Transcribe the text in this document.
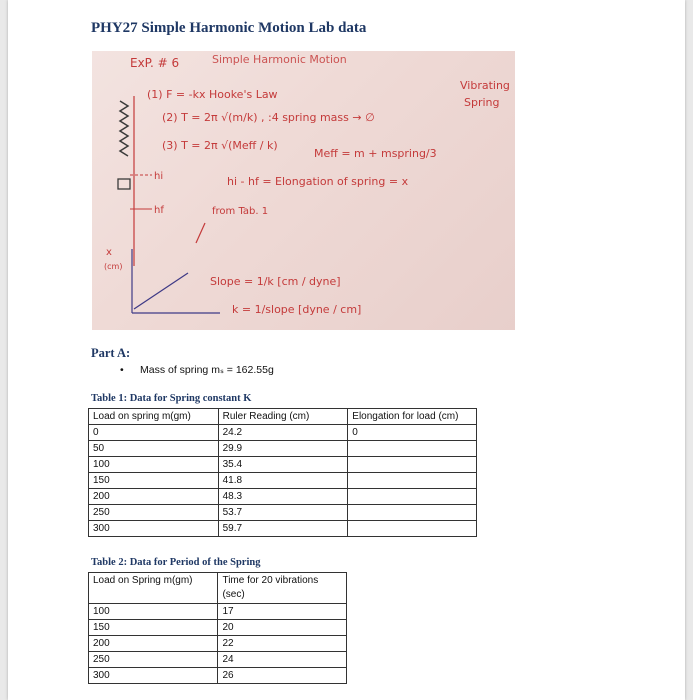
PHY27 Simple Harmonic Motion Lab data
ExP. # 6	Simple Harmonic Motion
Vibrating
Spring
(1) F = -kx Hooke's Law
(2) T = 2π √(m/k) , :4 spring mass → ∅
(3) T = 2π √(Meff / k)
Meff = m + mspring/3
hi
hf
hi - hf = Elongation of spring = x
from Tab. 1
x
(cm)
Slope = 1/k [cm / dyne]
k = 1/slope [dyne / cm]
Part A:
• Mass of spring mₛ = 162.55g
Table 1: Data for Spring constant K
Load on spring m(gm)	Ruler Reading (cm)	Elongation for load (cm)
0	24.2	0
50	29.9	
100	35.4	
150	41.8	
200	48.3	
250	53.7	
300	59.7	
Table 2: Data for Period of the Spring
Load on Spring m(gm)	Time for 20 vibrations (sec)
100	17
150	20
200	22
250	24
300	26
